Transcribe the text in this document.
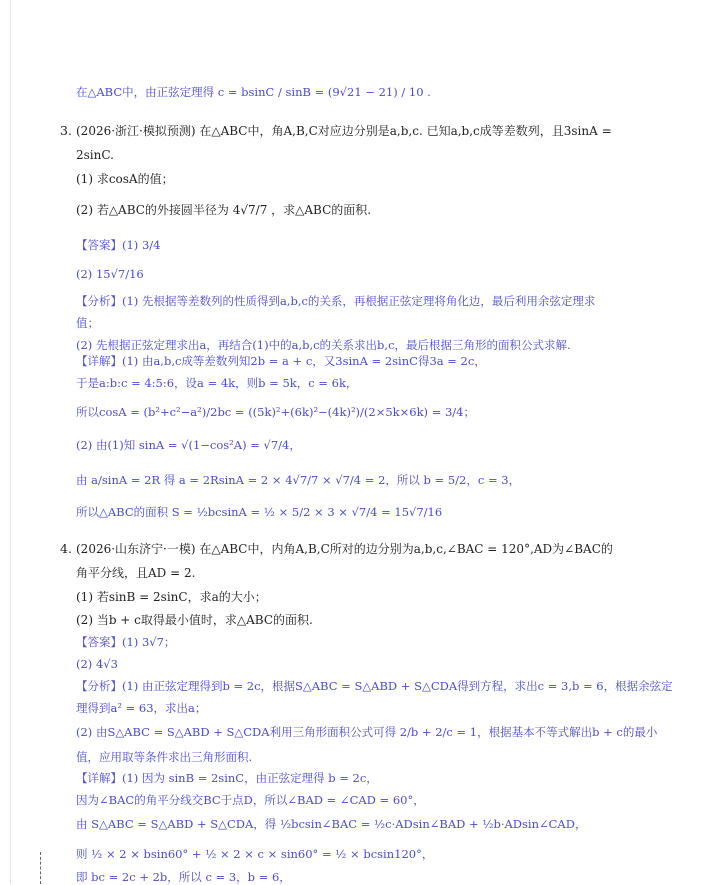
在△ABC中，由正弦定理得 c = bsinC / sinB = (9√21 − 21) / 10 .
3. (2026·浙江·模拟预测) 在△ABC中，角A,B,C对应边分别是a,b,c. 已知a,b,c成等差数列，且3sinA =
2sinC.
(1) 求cosA的值；
(2) 若△ABC的外接圆半径为 4√7/7 ，求△ABC的面积.
【答案】(1) 3/4
(2) 15√7/16
【分析】(1) 先根据等差数列的性质得到a,b,c的关系，再根据正弦定理将角化边，最后利用余弦定理求
值；
(2) 先根据正弦定理求出a，再结合(1)中的a,b,c的关系求出b,c，最后根据三角形的面积公式求解.
【详解】(1) 由a,b,c成等差数列知2b = a + c，又3sinA = 2sinC得3a = 2c，
于是a:b:c = 4:5:6，设a = 4k，则b = 5k，c = 6k，
所以cosA = (b²+c²−a²)/2bc = ((5k)²+(6k)²−(4k)²)/(2×5k×6k) = 3/4；
(2) 由(1)知 sinA = √(1−cos²A) = √7/4，
由 a/sinA = 2R 得 a = 2RsinA = 2 × 4√7/7 × √7/4 = 2，所以 b = 5/2，c = 3，
所以△ABC的面积 S = ½bcsinA = ½ × 5/2 × 3 × √7/4 = 15√7/16
4. (2026·山东济宁·一模) 在△ABC中，内角A,B,C所对的边分别为a,b,c,∠BAC = 120°,AD为∠BAC的
角平分线，且AD = 2.
(1) 若sinB = 2sinC，求a的大小；
(2) 当b + c取得最小值时，求△ABC的面积.
【答案】(1) 3√7；
(2) 4√3
【分析】(1) 由正弦定理得到b = 2c，根据S△ABC = S△ABD + S△CDA得到方程，求出c = 3,b = 6，根据余弦定
理得到a² = 63，求出a；
(2) 由S△ABC = S△ABD + S△CDA利用三角形面积公式可得 2/b + 2/c = 1，根据基本不等式解出b + c的最小
值，应用取等条件求出三角形面积.
【详解】(1) 因为 sinB = 2sinC，由正弦定理得 b = 2c，
因为∠BAC的角平分线交BC于点D，所以∠BAD = ∠CAD = 60°，
由 S△ABC = S△ABD + S△CDA，得 ½bcsin∠BAC = ½c·ADsin∠BAD + ½b·ADsin∠CAD，
则 ½ × 2 × bsin60° + ½ × 2 × c × sin60° = ½ × bcsin120°，
即 bc = 2c + 2b，所以 c = 3，b = 6，
